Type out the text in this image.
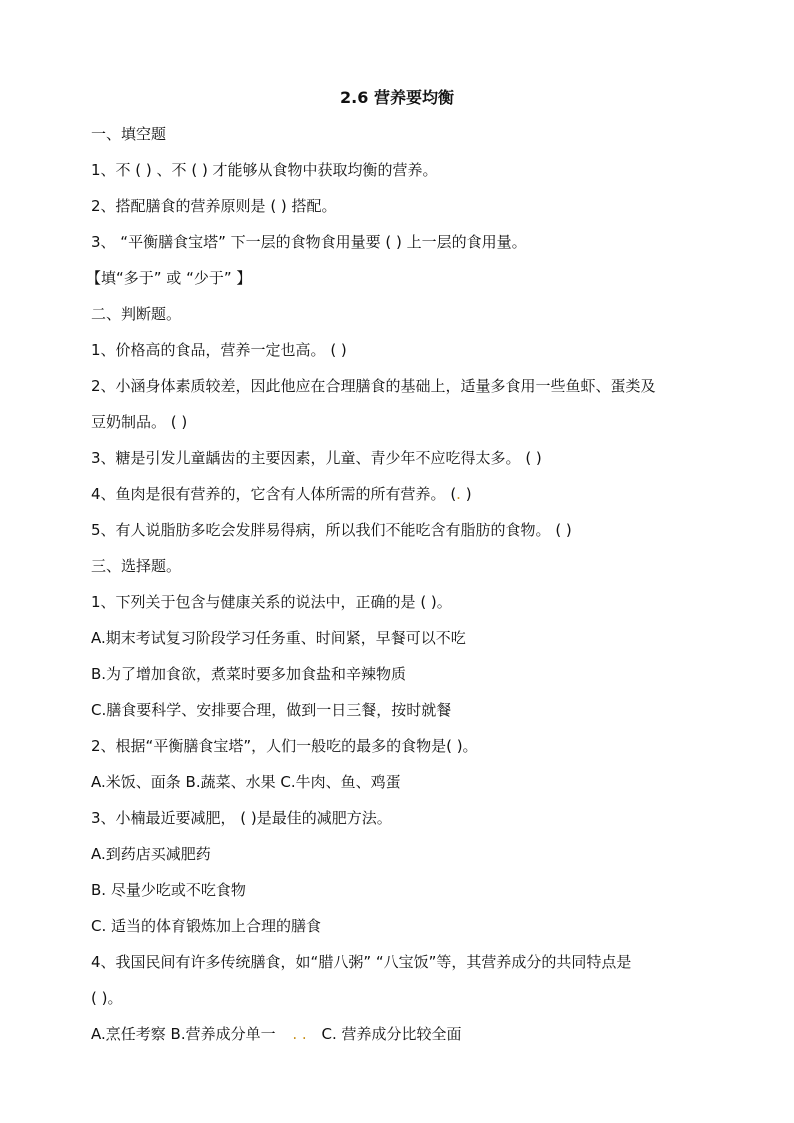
2.6 营养要均衡
一、填空题
1、不 ( ) 、不 ( ) 才能够从食物中获取均衡的营养。
2、搭配膳食的营养原则是 ( ) 搭配。
3、 “平衡膳食宝塔” 下一层的食物食用量要 ( ) 上一层的食用量。
【填“多于” 或 “少于” 】
二、判断题。
1、价格高的食品，营养一定也高。 ( )
2、小涵身体素质较差，因此他应在合理膳食的基础上，适量多食用一些鱼虾、蛋类及
豆奶制品。 ( )
3、糖是引发儿童龋齿的主要因素，儿童、青少年不应吃得太多。 ( )
4、鱼肉是很有营养的，它含有人体所需的所有营养。 (. )
5、有人说脂肪多吃会发胖易得病，所以我们不能吃含有脂肪的食物。 ( )
三、选择题。
1、下列关于包含与健康关系的说法中，正确的是 ( )。
A.期末考试复习阶段学习任务重、时间紧，早餐可以不吃
B.为了增加食欲，煮菜时要多加食盐和辛辣物质
C.膳食要科学、安排要合理，做到一日三餐，按时就餐
2、根据“平衡膳食宝塔”，人们一般吃的最多的食物是( )。
A.米饭、面条 B.蔬菜、水果 C.牛肉、鱼、鸡蛋
3、小楠最近要减肥， ( )是最佳的减肥方法。
A.到药店买减肥药
B. 尽量少吃或不吃食物
C. 适当的体育锻炼加上合理的膳食
4、我国民间有许多传统膳食，如“腊八粥” “八宝饭”等，其营养成分的共同特点是
( )。
A.烹任考察 B.营养成分单一 . . C. 营养成分比较全面
